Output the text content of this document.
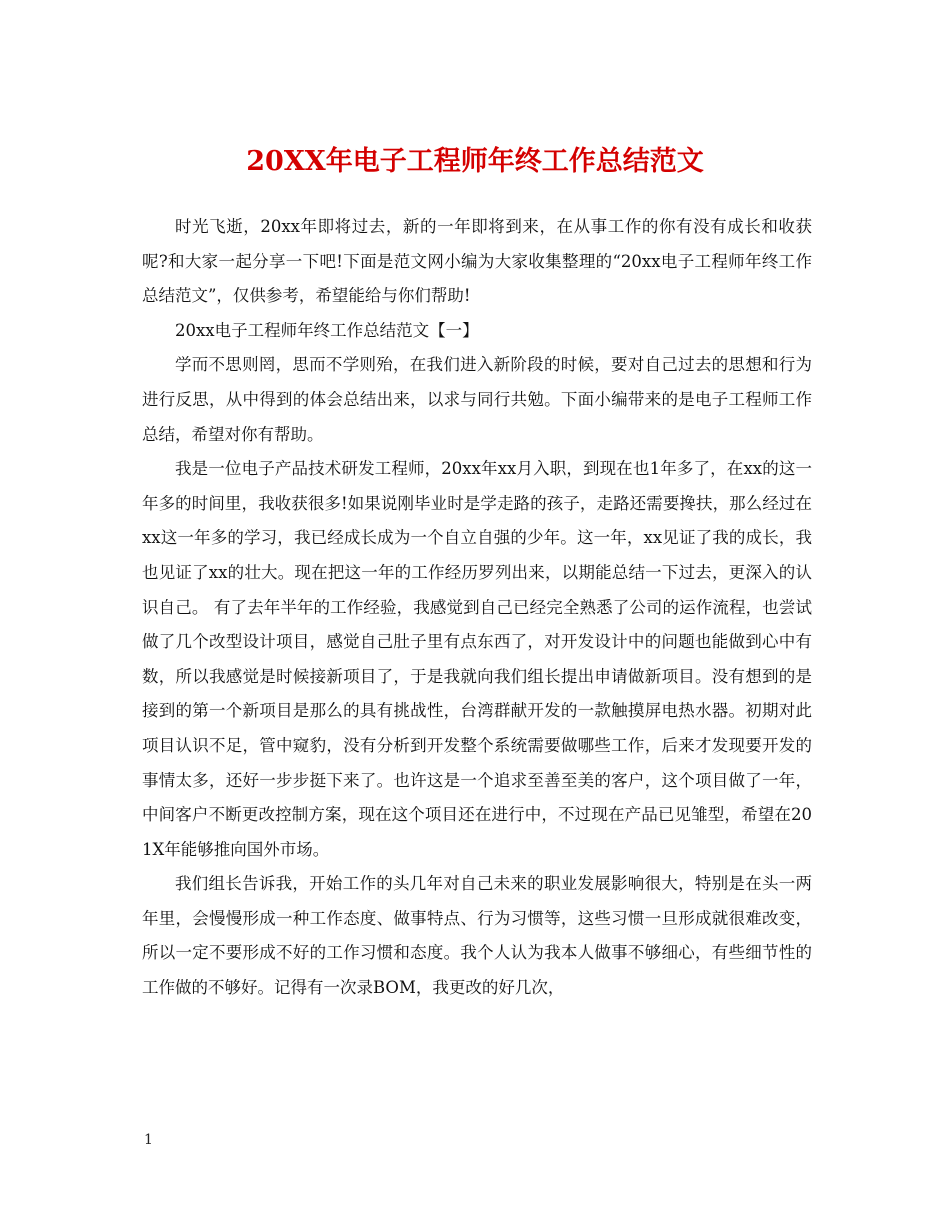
20XX年电子工程师年终工作总结范文

时光飞逝，20xx年即将过去，新的一年即将到来，在从事工作的你有没有成长和收获呢?和大家一起分享一下吧!下面是范文网小编为大家收集整理的“20xx电子工程师年终工作总结范文”，仅供参考，希望能给与你们帮助!

20xx电子工程师年终工作总结范文【一】

学而不思则罔，思而不学则殆，在我们进入新阶段的时候，要对自己过去的思想和行为进行反思，从中得到的体会总结出来，以求与同行共勉。下面小编带来的是电子工程师工作总结，希望对你有帮助。

我是一位电子产品技术研发工程师，20xx年xx月入职，到现在也1年多了，在xx的这一年多的时间里，我收获很多!如果说刚毕业时是学走路的孩子，走路还需要搀扶，那么经过在xx这一年多的学习，我已经成长成为一个自立自强的少年。这一年，xx见证了我的成长，我也见证了xx的壮大。现在把这一年的工作经历罗列出来，以期能总结一下过去，更深入的认识自己。 有了去年半年的工作经验，我感觉到自己已经完全熟悉了公司的运作流程，也尝试做了几个改型设计项目，感觉自己肚子里有点东西了，对开发设计中的问题也能做到心中有数，所以我感觉是时候接新项目了，于是我就向我们组长提出申请做新项目。没有想到的是接到的第一个新项目是那么的具有挑战性，台湾群献开发的一款触摸屏电热水器。初期对此项目认识不足，管中窥豹，没有分析到开发整个系统需要做哪些工作，后来才发现要开发的事情太多，还好一步步挺下来了。也许这是一个追求至善至美的客户，这个项目做了一年，中间客户不断更改控制方案，现在这个项目还在进行中，不过现在产品已见雏型，希望在201X年能够推向国外市场。

我们组长告诉我，开始工作的头几年对自己未来的职业发展影响很大，特别是在头一两年里，会慢慢形成一种工作态度、做事特点、行为习惯等，这些习惯一旦形成就很难改变，所以一定不要形成不好的工作习惯和态度。我个人认为我本人做事不够细心，有些细节性的工作做的不够好。记得有一次录BOM，我更改的好几次，

1
